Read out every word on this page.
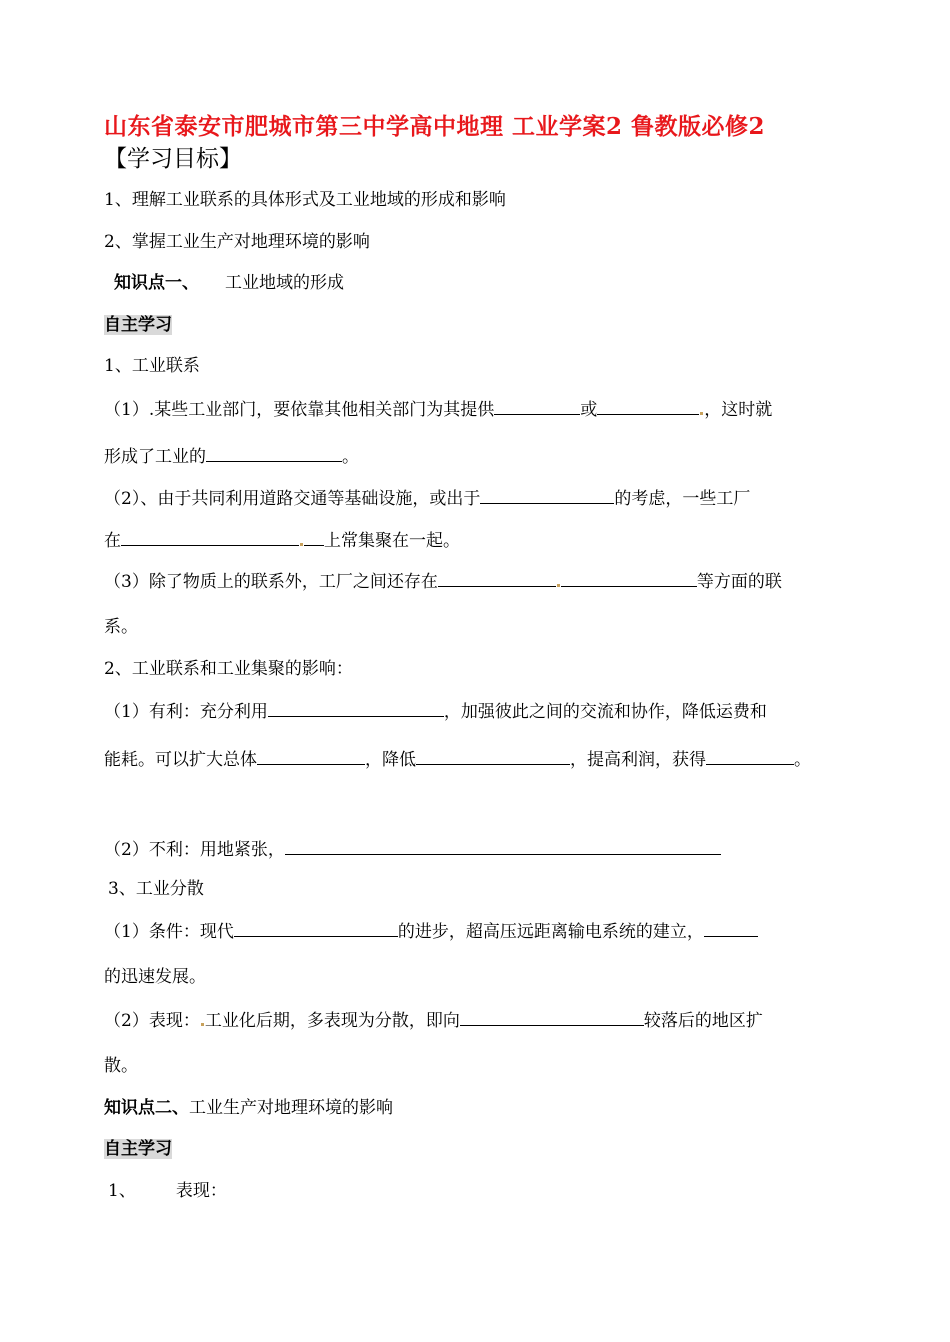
山东省泰安市肥城市第三中学高中地理 工业学案2 鲁教版必修2
【学习目标】
1、理解工业联系的具体形式及工业地域的形成和影响
2、掌握工业生产对地理环境的影响
知识点一、 工业地域的形成
自主学习
1、工业联系
（1）.某些工业部门，要依靠其他相关部门为其提供	或	，这时就
形成了工业的	。
（2）、由于共同利用道路交通等基础设施，或出于	的考虑，一些工厂
在	上常集聚在一起。
（3）除了物质上的联系外，工厂之间还存在	等方面的联
系。
2、工业联系和工业集聚的影响：
（1）有利：充分利用	，加强彼此之间的交流和协作，降低运费和
能耗。可以扩大总体	，降低	，提高利润，获得	。
（2）不利：用地紧张，
3、工业分散
（1）条件：现代	的进步，超高压远距离输电系统的建立，
的迅速发展。
（2）表现： 工业化后期，多表现为分散，即向	较落后的地区扩
散。
知识点二、工业生产对地理环境的影响
自主学习
1、 表现：
